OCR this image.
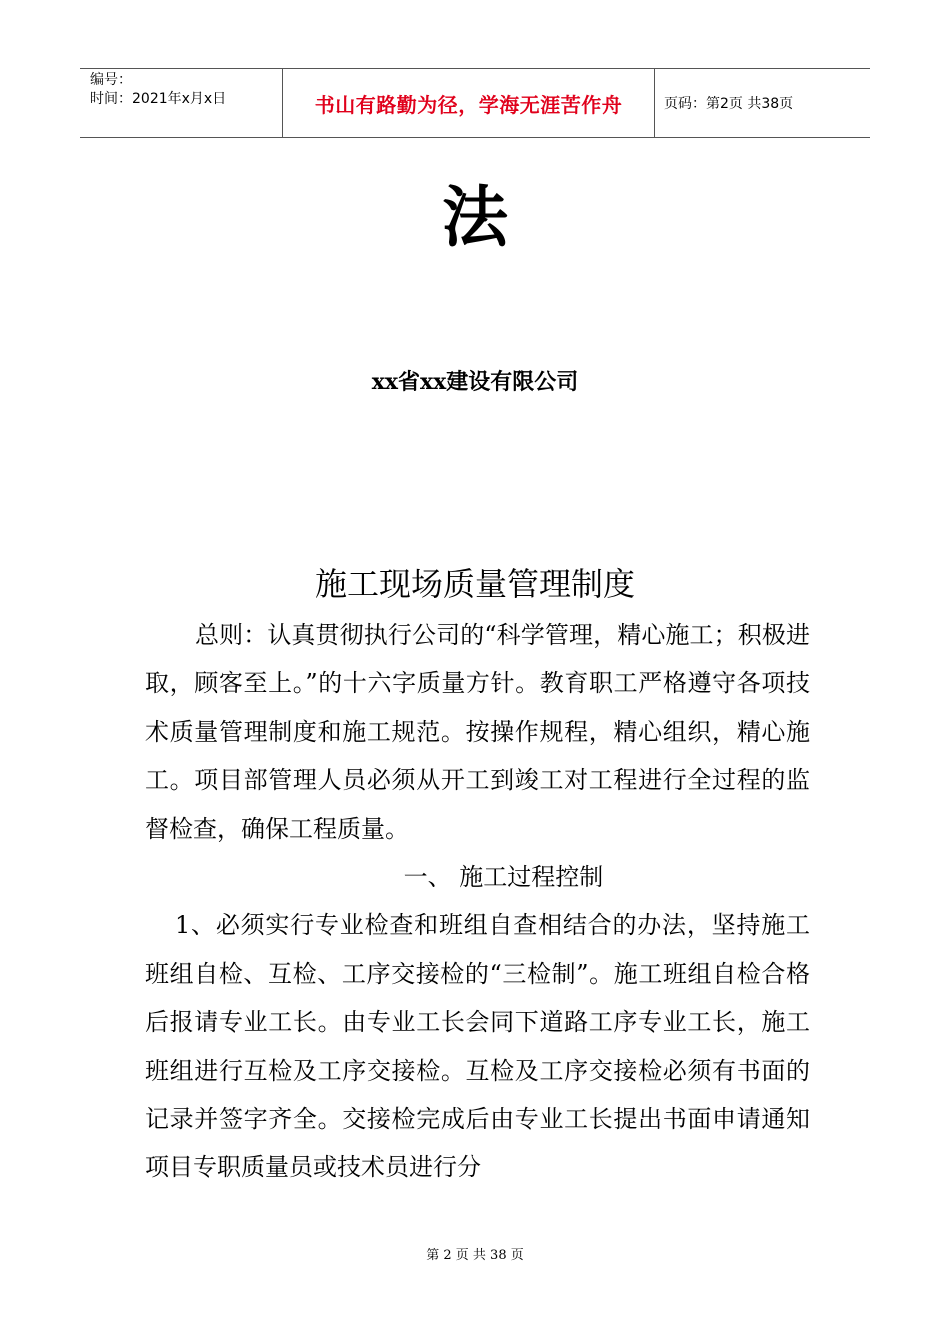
编号：
时间：2021年x月x日	书山有路勤为径，学海无涯苦作舟	页码：第2页 共38页
法
xx省xx建设有限公司
施工现场质量管理制度

总则：认真贯彻执行公司的“科学管理，精心施工；积极进取，顾客至上。”的十六字质量方针。教育职工严格遵守各项技术质量管理制度和施工规范。按操作规程，精心组织，精心施工。项目部管理人员必须从开工到竣工对工程进行全过程的监督检查，确保工程质量。

一、 施工过程控制

1、必须实行专业检查和班组自查相结合的办法，坚持施工班组自检、互检、工序交接检的“三检制”。施工班组自检合格后报请专业工长。由专业工长会同下道路工序专业工长，施工班组进行互检及工序交接检。互检及工序交接检必须有书面的记录并签字齐全。交接检完成后由专业工长提出书面申请通知项目专职质量员或技术员进行分

第 2 页 共 38 页
